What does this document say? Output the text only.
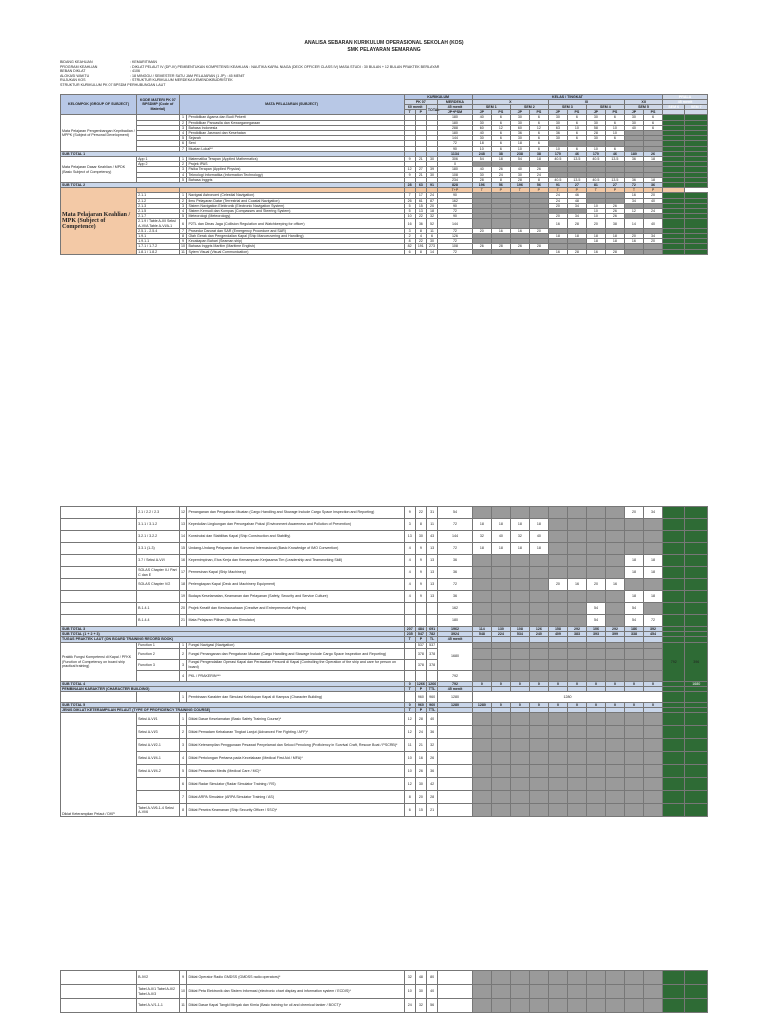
ANALISA SEBARAN KURIKULUM OPERASIONAL SEKOLAH (KOS)
SMK PELAYARAN SEMARANG
BIDANG KEAHLIAN	: KEMARITIMAN
PROGRAM KEAHLIAN	: DIKLAT PELAUT IV (DP-IV) PEMBENTUKAN KOMPETENSI KEAHLIAN : NAUTIKA KAPAL NIAGA (DECK OFFICER CLASS IV) MASA STUDI : 30 BULAN + 12 BULAN PRAKTEK BERLAYAR
BEBAN DIKLAT	: 4106
ALOKASI WAKTU	: 18 MINGGU / SEMESTER SATU JAM PELAJARAN (1 JP) : 45 MENIT
RUJUKAN KOS	: STRUKTUR KURIKULUM MERDEKA KEMENDIKBUDRISTEK
STRUKTUR KURIKULUM PK 07 BPSDM PERHUBUNGAN LAUT
KELOMPOK (GROUP OF SUBJECT)	KODE MATERI PK 07 BPSDMP (Code of Material)	MATA PELAJARAN (SUBJECT)		KURIKULUM				KELAS / TINGKAT										PRALA	
				PK 07			MERDEKA	X				XI				XII		45 menit	
				60 menit		TOTAL	45 menit	SEM 1		SEM 2		SEM 3		SEM 4		SEM 5		SEM 6	SEM 7
				T	P		JP+PSM	JP	PS	JP	PS	JP	PS	JP	PS	JP	PS		
Mata Pelajaran Pengembangan Kepribadian / MPPK (Subject of Personal Development)		1	Pendidikan Agama dan Budi Pekerti				180	40	6	30	6	30	6	30	6	30	6		
		2	Pendidikan Pancasila dan Kewarganegaraan				180	30	6	30	6	30	6	30	6	30	6		
		3	Bahasa Indonesia				288	60	12	60	12	63	10	58	10	40	6		
		4	Pendidikan Jasmani dan Kesehatan				180	40	6	36	6	36	6	28	10				
		5	Sejarah				144	30	6	30	6	30	6	30	6				
		6	Seni				72	18	6	18	6								
		7	Muatan Lokal**				90	10	6	10	6	10	6	10	6				
SUB TOTAL 1							1134	248	38	238	38	170	46	170	46	180	26		
Mata Pelajaran Dasar Keahlian / MPDK (Basic Subject of Competency)	App 1	1	Matematika Terapan (Applied Mathematics)	9	21	30	306	54	18	54	18	40.5	13.5	40.5	13.5	36	18		
	App 2	2	Projek IPAS				0												
		3	Fisika Terapan (Applied Physics)	12	27	39	180	40	26	40	26								
		4	Teknologi Informatika (Information Technology)	9	21	30	108	30	24	30	24								
		5	Bahasa Inggris				234	28	8	28	8	40.5	13.5	40.5	13.5	36	18		
SUB TOTAL 2				28	63	91	828	196	56	196	56	91	27	81	27	72	36		
Mata Pelajaran Keahlian / MPK (Subject of Competence)							T+P	T	P	T	P	T	P	T	P	T	P		
	2.1.1	1	Navigasi Astronomi (Celestial Navigation)	7	17	24	90					24	46			16	20		
	2.1.2	2	Ilmu Pelayaran Datar (Terrestrial and Coastal Navigation)	26	61	87	162					24	48			34	40		
	2.1.3	3	Sistem Navigation Elektronik (Electronic Navigation System)	5	15	20	90					20	34	10	26				
	2.1.5	4	Sistem Kemudi dan Kompas (Compasses and Steering System)	5	13	18	72							10	26	12	24		
	2.1.7	5	Meteorologi (Meteorology)	10	22	32	90					20	34	10	26				
	2.1.9 / Table A-II/I Seksi A-VI/A Table A-VI/A-1	6	P2TL dan Dinas Jaga (Collision Regulation and Watchkeeping for officer)	16	36	52	144					16	28	20	38	14	40		
	2.5.1 - 2.5.4	7	Prosedur Darurat dan SAR (Emergency Procedure and SAR)	3	8	11	72	20	16	16	20								
	1.9.1	8	Olah Gerak dan Pengendalian Kapal (Ship Manoeuvering and Handling)	2	4	6	126					18	18	18	18	20	34		
	1.9.1.1	9	Kecakapan Bahari (Seaman ship)	8	22	30	72							18	18	16	20		
	1.7.1 / 1.7.2	10	Bahasa Inggris Maritim (Maritime English)	82	191	273	108	26	28	26	28								
	1.8.1 / 1.8.2	11	Sytem Visual (Visual Communication)	6	8	14	72					16	28	16	28				
	2.1 / 2.2 / 2.3	12	Penanganan dan Pengaturan Muatan (Cargo Handling and Stowage Include Cargo Space Inspection and Reporting)	9	22	31	54									20	34		
	3.1.1 / 3.1.2	13	Kepedulian Lingkungan dan Pencegahan Polusi (Environment Awareness and Pollution of Prevention)	3	8	11	72	18	18	18	18								
	3.2.1 / 3.2.2	14	Konstruksi dan Stabilitas Kapal (Ship Construction and Stability)	13	30	43	144	32	40	32	40								
	3.3.1 (1-3)	15	Undang-Undang Pelayaran dan Konvensi Internasional (Basic Knowledge of IMO Convention)	4	9	13	72	18	18	18	18								
	3.7 / Seksi A-VI/I	16	Kepemimpinan, Etos Kerja dan Kemampuan Kerjasama Tim (Leadership and Teamworking Skill)	4	9	13	36									18	18		
	SOLAS Chapter II-I Part C dan E	17	Permesinan Kapal (Ship Machinery)	4	9	13	36									18	18		
	SOLAS Chapter V/2	18	Perlengkapan Kapal (Deck and Machinery Equipment)	4	9	13	72					20	16	20	16				
		19	Budaya Keselamatan, Keamanan dan Pelayanan (Safety, Security and Service Culture)	4	9	13	36									18	18		
	B.1.4.1	20	Projek Kreatif dan Kewirausahaan (Creative and Entrepreneurial Projects)				162							54		54			
	B.1.4.4	21	Mata Pelajaran Pilihan (Bk dan Simulator)				180							54		54	72		
SUB TOTAL 3				207	484	691	1962	114	130	108	126	158	292	106	292	186	392		
SUB TOTAL (1 + 2 + 3)				235	547	782	3924	548	224	534	240	409	383	393	399	338	454		
TUGAS PRAKTEK LAUT (ON BOARD TRAINING RECORD BOOK)				T	P	TL	45 menit												
Praktik Fungsi Kompetensi di Kapal / PFKK (Function of Competency on board ship practical training)	Function 1	1	Fungsi Navigasi (Navigation)		537	537	1680											792	396
	Function 2	2	Fungsi Penanganan dan Pengaturan Muatan (Cargo Handling and Stowage Include Cargo Space Inspection and Reporting)		378	378													
	Function 3	3	Fungsi Pengendalian Operasi Kapal dan Perawatan Personil di Kapal (Controlling the Operation of the ship and care for person on board)		378	378													
		4	PKL / PRAKERIN***				792												
SUB TOTAL 4				0	1266	1266	792	0	0	0	0	0	0	0	0	0	0		1680
PEMBINAAN KARAKTER (CHARACTER BUILDING)				T	P	TTL	45 menit												
		1	Pembinaan Karakter dan Simulasi Kehidupan Kapal di Kampus (Character Building)		960	960	1280	1280											
SUB TOTAL 5				0	960	960	1280	1280	0	0	0	0	0	0	0	0	0		
JENIS DIKLAT KETERAMPILAN PELAUT (TYPE OF PROFICIENCY TRAINING COURSE)				T	P	TTL													
Diklat Keterampilan Pelaut / DKP	Seksi A-VI/1	1	Diklat Dasar Keselamatan (Basic Safety Training Course)*	12	28	40													
	Seksi A-VI/3	2	Diklat Pemadam Kebakaran Tingkat Lanjut (Advanced Fire Fighting / AFF)*	12	24	36													
	Seksi A-VI/2-1	3	Diklat Keterampilan Penggunaan Pesawat Penyelamat dan Sekoci Penolong (Proficiency in Survival Craft, Rescue Boat / PSCRB)*	11	21	32													
	Seksi A-VI/4-1	4	Diklat Pertolongan Pertama pada Kecelakaan (Medical First Aid / MFA)*	10	16	26													
	Seksi A-VI/4-2	5	Diklat Perawatan Medis (Medical Care / MC)*	10	26	36													
		6	Diklat Radar Simulator (Radar Simulator Training / RS)	12	30	42													
		7	Diklat ARPA Simulator (ARPA Simulator Training / AS)	8	20	28													
	Tabel A-VI/6-1-4 Seksi A-VI/6	8	Diklat Perwira Keamanan (Ship Security Officer / SSO)*	6	15	21													
	B-IV/2	9	Diklat Operator Radio GMDSS (GMDSS radio operators)*	32	48	80													
	Tabel A-II/1 Tabel A-II/2 Tabel A-II/3	10	Diklat Peta Elektronik dan Sistem Informasi (electronic chart display and information system / ECDIS)*	10	30	40													
	Tabel A-V/1-1-1	11	Diklat Dasar Kapal Tangki Minyak dan Kimia (Basic training for oil and chemical tanker / BOCT)*	24	32	56													
